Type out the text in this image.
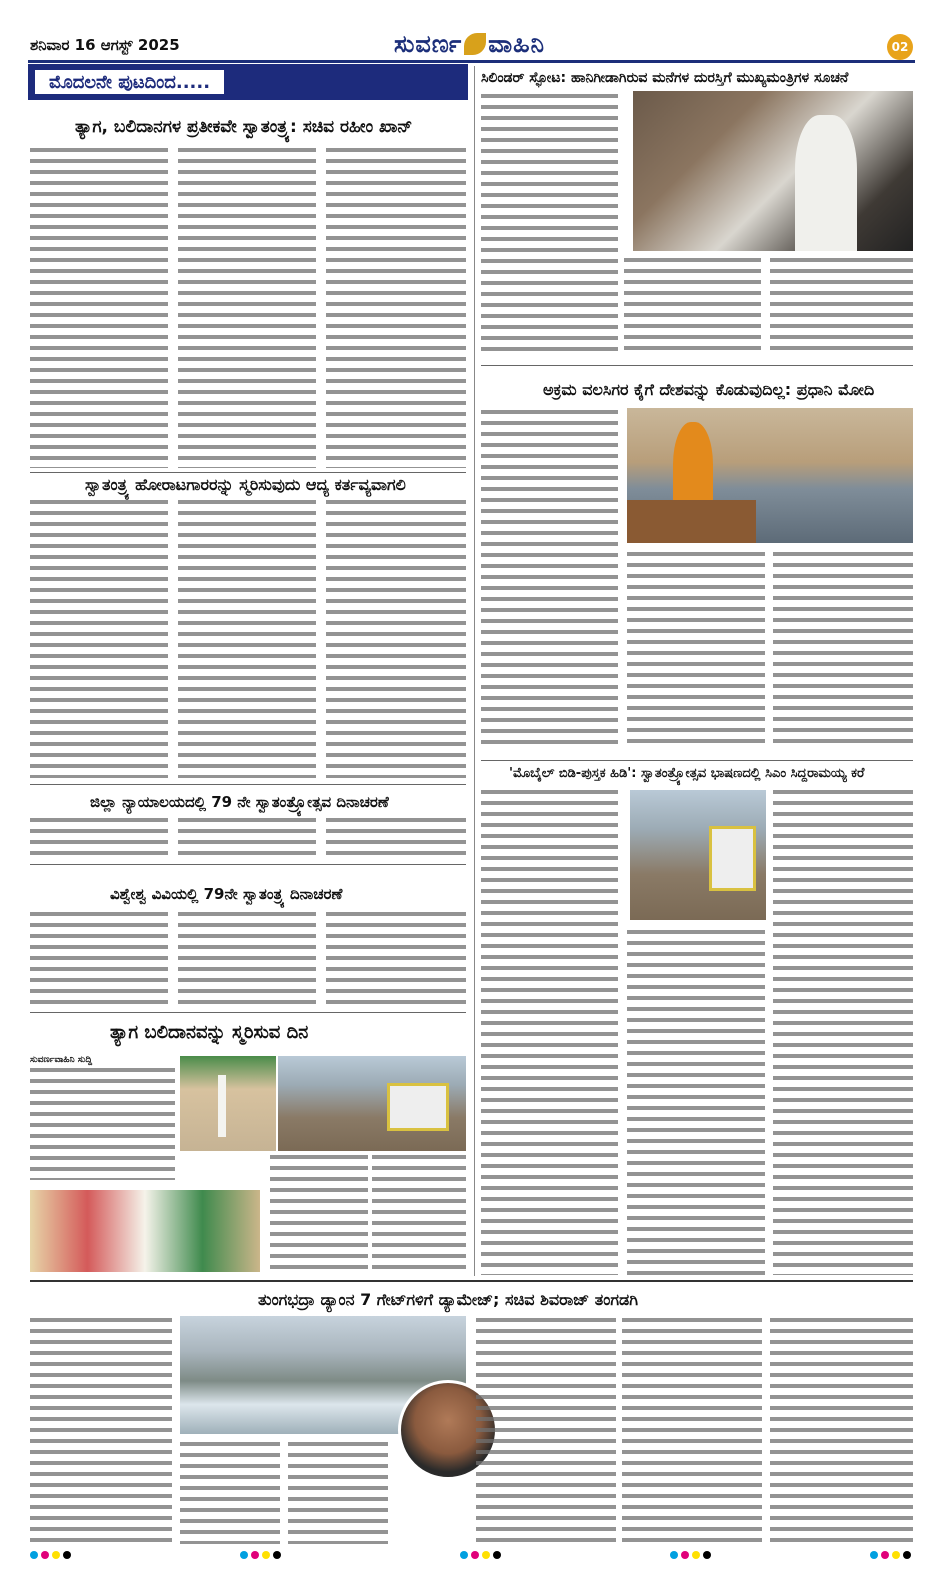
ಶನಿವಾರ 16 ಆಗಸ್ಟ್ 2025	ಸುವರ್ಣ ವಾಹಿನಿ	02
ಮೊದಲನೇ ಪುಟದಿಂದ.....
ತ್ಯಾಗ, ಬಲಿದಾನಗಳ ಪ್ರತೀಕವೇ ಸ್ವಾತಂತ್ರ್ಯ: ಸಚಿವ ರಹೀಂ ಖಾನ್
ಸ್ವಾತಂತ್ರ್ಯ ಹೋರಾಟಗಾರರನ್ನು ಸ್ಮರಿಸುವುದು ಆದ್ಯ ಕರ್ತವ್ಯವಾಗಲಿ
ಜಿಲ್ಲಾ ನ್ಯಾಯಾಲಯದಲ್ಲಿ 79 ನೇ ಸ್ವಾತಂತ್ರ್ಯೋತ್ಸವ ದಿನಾಚರಣೆ
ವಿಶ್ವೇಶ್ವ ವಿವಿಯಲ್ಲಿ 79ನೇ ಸ್ವಾತಂತ್ರ್ಯ ದಿನಾಚರಣೆ
ತ್ಯಾಗ ಬಲಿದಾನವನ್ನು ಸ್ಮರಿಸುವ ದಿನ
ಸುವರ್ಣವಾಹಿನಿ ಸುದ್ದಿ
ಸಿಲಿಂಡರ್ ಸ್ಫೋಟ: ಹಾನಿಗೀಡಾಗಿರುವ ಮನೆಗಳ ದುರಸ್ತಿಗೆ ಮುಖ್ಯಮಂತ್ರಿಗಳ ಸೂಚನೆ
ಅಕ್ರಮ ವಲಸಿಗರ ಕೈಗೆ ದೇಶವನ್ನು ಕೊಡುವುದಿಲ್ಲ: ಪ್ರಧಾನಿ ಮೋದಿ
'ಮೊಬೈಲ್ ಬಿಡಿ-ಪುಸ್ತಕ ಹಿಡಿ': ಸ್ವಾತಂತ್ರ್ಯೋತ್ಸವ ಭಾಷಣದಲ್ಲಿ ಸಿಎಂ ಸಿದ್ದರಾಮಯ್ಯ ಕರೆ
ತುಂಗಭದ್ರಾ ಡ್ಯಾಂನ 7 ಗೇಟ್‌ಗಳಿಗೆ ಡ್ಯಾಮೇಜ್; ಸಚಿವ ಶಿವರಾಜ್ ತಂಗಡಗಿ
